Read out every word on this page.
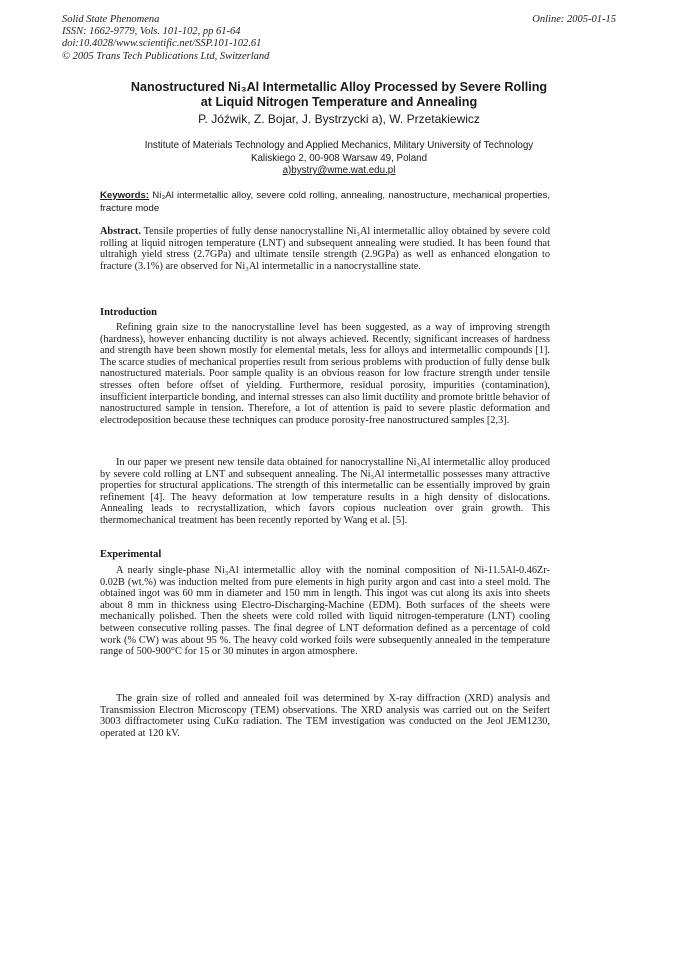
Solid State Phenomena
ISSN: 1662-9779, Vols. 101-102, pp 61-64
doi:10.4028/www.scientific.net/SSP.101-102.61
© 2005 Trans Tech Publications Ltd, Switzerland
Online: 2005-01-15
Nanostructured Ni₃Al Intermetallic Alloy Processed by Severe Rolling
at Liquid Nitrogen Temperature and Annealing
P. Jóźwik, Z. Bojar, J. Bystrzycki a), W. Przetakiewicz
Institute of Materials Technology and Applied Mechanics, Military University of Technology
Kaliskiego 2, 00-908 Warsaw 49, Poland
a)bystry@wme.wat.edu.pl
Keywords: Ni₃Al intermetallic alloy, severe cold rolling, annealing, nanostructure, mechanical properties, fracture mode
Abstract. Tensile properties of fully dense nanocrystalline Ni₃Al intermetallic alloy obtained by severe cold rolling at liquid nitrogen temperature (LNT) and subsequent annealing were studied. It has been found that ultrahigh yield stress (2.7GPa) and ultimate tensile strength (2.9GPa) as well as enhanced elongation to fracture (3.1%) are observed for Ni₃Al intermetallic in a nanocrystalline state.
Introduction
Refining grain size to the nanocrystalline level has been suggested, as a way of improving strength (hardness), however enhancing ductility is not always achieved. Recently, significant increases of hardness and strength have been shown mostly for elemental metals, less for alloys and intermetallic compounds [1]. The scarce studies of mechanical properties result from serious problems with production of fully dense bulk nanostructured materials. Poor sample quality is an obvious reason for low fracture strength under tensile stresses often before offset of yielding. Furthermore, residual porosity, impurities (contamination), insufficient interparticle bonding, and internal stresses can also limit ductility and promote brittle behavior of nanostructured sample in tension. Therefore, a lot of attention is paid to severe plastic deformation and electrodeposition because these techniques can produce porosity-free nanostructured samples [2,3].
In our paper we present new tensile data obtained for nanocrystalline Ni₃Al intermetallic alloy produced by severe cold rolling at LNT and subsequent annealing. The Ni₃Al intermetallic possesses many attractive properties for structural applications. The strength of this intermetallic can be essentially improved by grain refinement [4]. The heavy deformation at low temperature results in a high density of dislocations. Annealing leads to recrystallization, which favors copious nucleation over grain growth. This thermomechanical treatment has been recently reported by Wang et al. [5].
Experimental
A nearly single-phase Ni₃Al intermetallic alloy with the nominal composition of Ni-11.5Al-0.46Zr-0.02B (wt.%) was induction melted from pure elements in high purity argon and cast into a steel mold. The obtained ingot was 60 mm in diameter and 150 mm in length. This ingot was cut along its axis into sheets about 8 mm in thickness using Electro-Discharging-Machine (EDM). Both surfaces of the sheets were mechanically polished. Then the sheets were cold rolled with liquid nitrogen-temperature (LNT) cooling between consecutive rolling passes. The final degree of LNT deformation defined as a percentage of cold work (% CW) was about 95 %. The heavy cold worked foils were subsequently annealed in the temperature range of 500-900°C for 15 or 30 minutes in argon atmosphere.
The grain size of rolled and annealed foil was determined by X-ray diffraction (XRD) analysis and Transmission Electron Microscopy (TEM) observations. The XRD analysis was carried out on the Seifert 3003 diffractometer using CuKα radiation. The TEM investigation was conducted on the Jeol JEM1230, operated at 120 kV.
